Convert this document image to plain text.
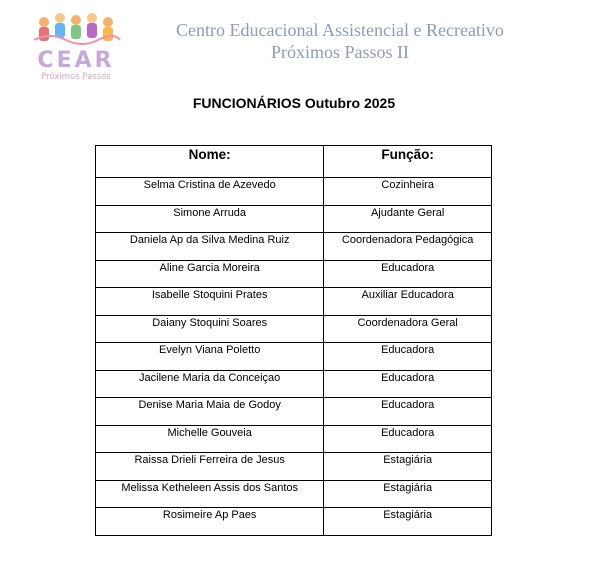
CEAR
Próximos Passos
Centro Educacional Assistencial e Recreativo
Próximos Passos II
FUNCIONÁRIOS Outubro 2025
Nome:	Função:
Selma Cristina de Azevedo	Cozinheira
Simone Arruda	Ajudante Geral
Daniela Ap da Silva Medina Ruiz	Coordenadora Pedagógica
Aline Garcia Moreira	Educadora
Isabelle Stoquini Prates	Auxiliar Educadora
Daiany Stoquini Soares	Coordenadora Geral
Evelyn Viana Poletto	Educadora
Jacilene Maria da Conceiçao	Educadora
Denise Maria Maia de Godoy	Educadora
Michelle Gouveia	Educadora
Raissa Drieli Ferreira de Jesus	Estagiária
Melissa Ketheleen Assis dos Santos	Estagiária
Rosimeire Ap Paes	Estagiária
